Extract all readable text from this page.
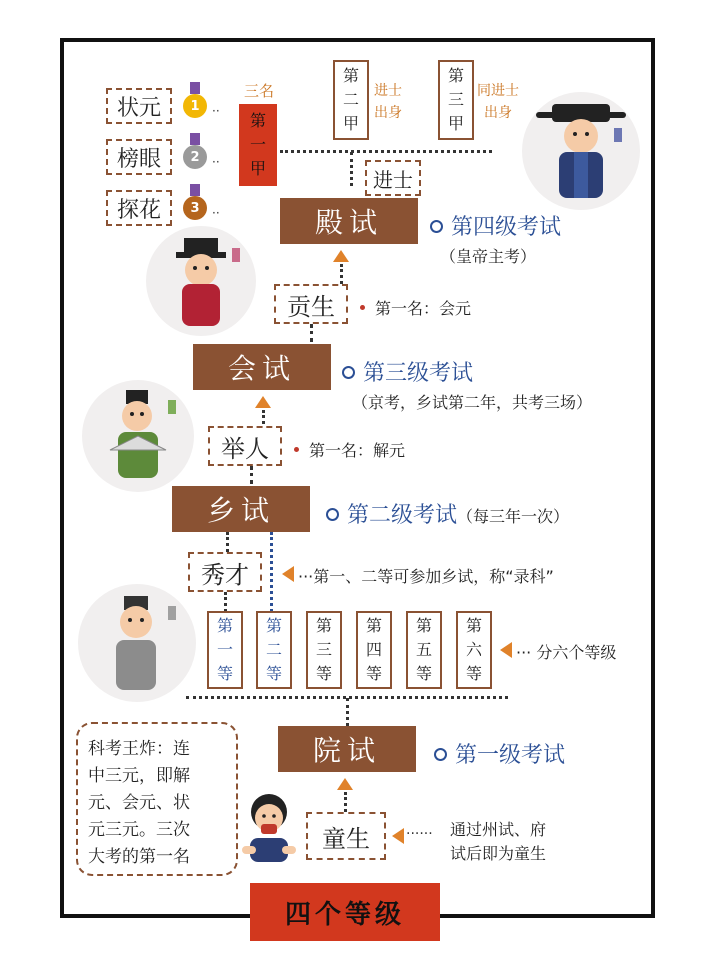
三名
第
一
甲
第
二
甲
进士
出身
第
三
甲
同进士
出身
进士
状元
榜眼
探花
1
2
3
··
··
··	殿试	第四级考试
（皇帝主考）
贡生	第一名：会元
会试	第三级考试
（京考，乡试第二年，共考三场）
举人	第一名：解元
乡试	第二级考试（每三年一次）
秀才	···第一、二等可参加乡试，称“录科”
第
一
等
第
二
等
第
三
等
第
四
等
第
五
等
第
六
等
··· 分六个等级
院试	第一级考试
童生	······ 通过州试、府
试后即为童生
科考王炸：连
中三元，即解
元、会元、状
元三元。三次
大考的第一名
四个等级
